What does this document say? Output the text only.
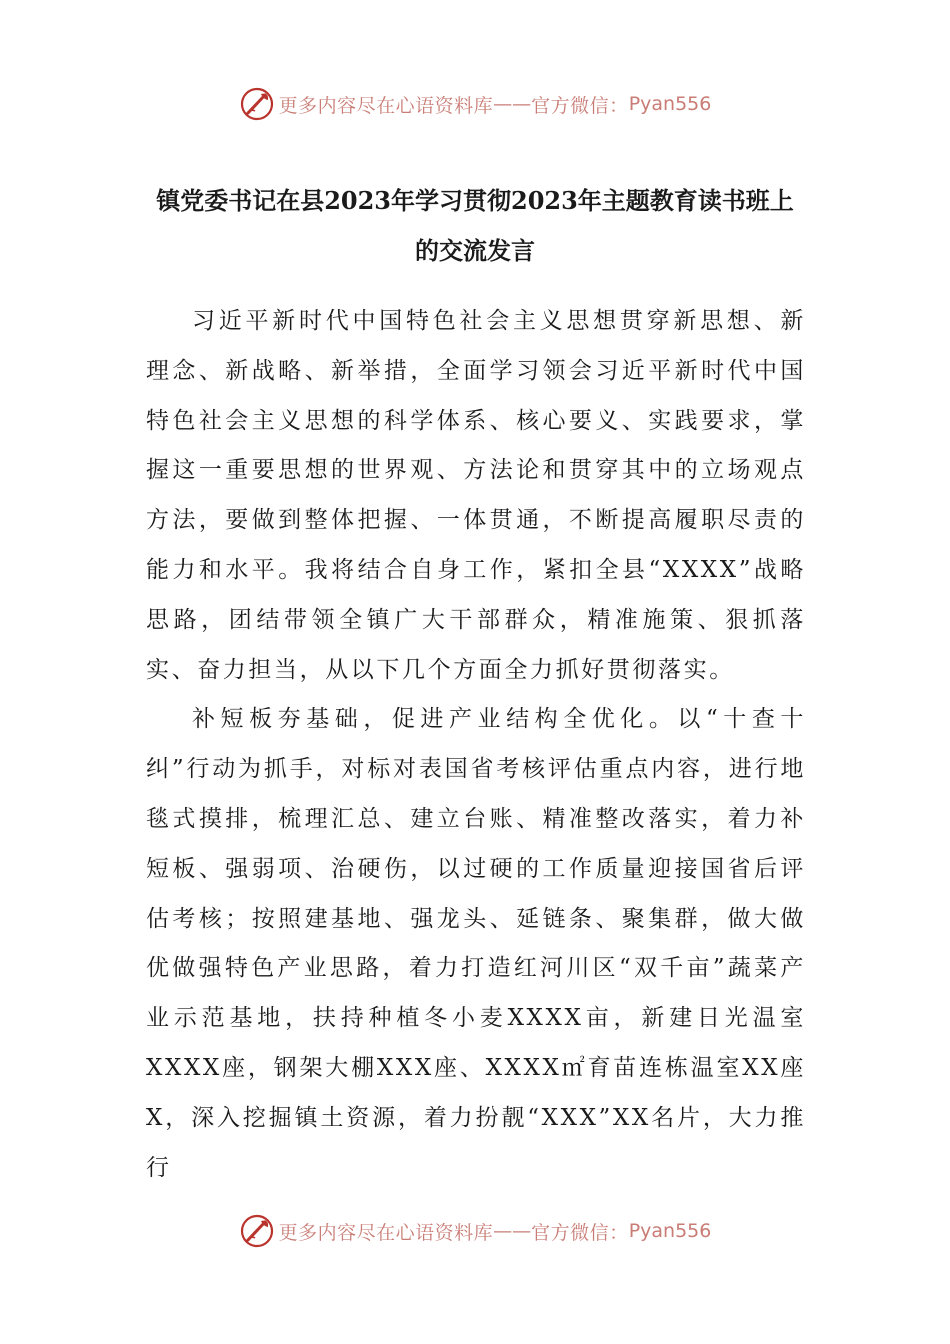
更多内容尽在心语资料库 —— 官方微信： Pyan556
镇党委书记在县2023年学习贯彻2023年主题教育读书班上
的交流发言

习近平新时代中国特色社会主义思想贯穿新思想、新理念、新战略、新举措，全面学习领会习近平新时代中国特色社会主义思想的科学体系、核心要义、实践要求，掌握这一重要思想的世界观、方法论和贯穿其中的立场观点方法，要做到整体把握、一体贯通，不断提高履职尽责的能力和水平。我将结合自身工作，紧扣全县“XXXX”战略思路，团结带领全镇广大干部群众，精准施策、狠抓落实、奋力担当，从以下几个方面全力抓好贯彻落实。

补短板夯基础，促进产业结构全优化。以“十查十纠”行动为抓手，对标对表国省考核评估重点内容，进行地毯式摸排，梳理汇总、建立台账、精准整改落实，着力补短板、强弱项、治硬伤，以过硬的工作质量迎接国省后评估考核；按照建基地、强龙头、延链条、聚集群，做大做优做强特色产业思路，着力打造红河川区“双千亩”蔬菜产业示范基地，扶持种植冬小麦XXXX亩，新建日光温室XXXX座，钢架大棚XXX座、XXXX㎡育苗连栋温室XX座X，深入挖掘镇土资源，着力扮靓“XXX”XX名片，大力推行

更多内容尽在心语资料库 —— 官方微信： Pyan556
